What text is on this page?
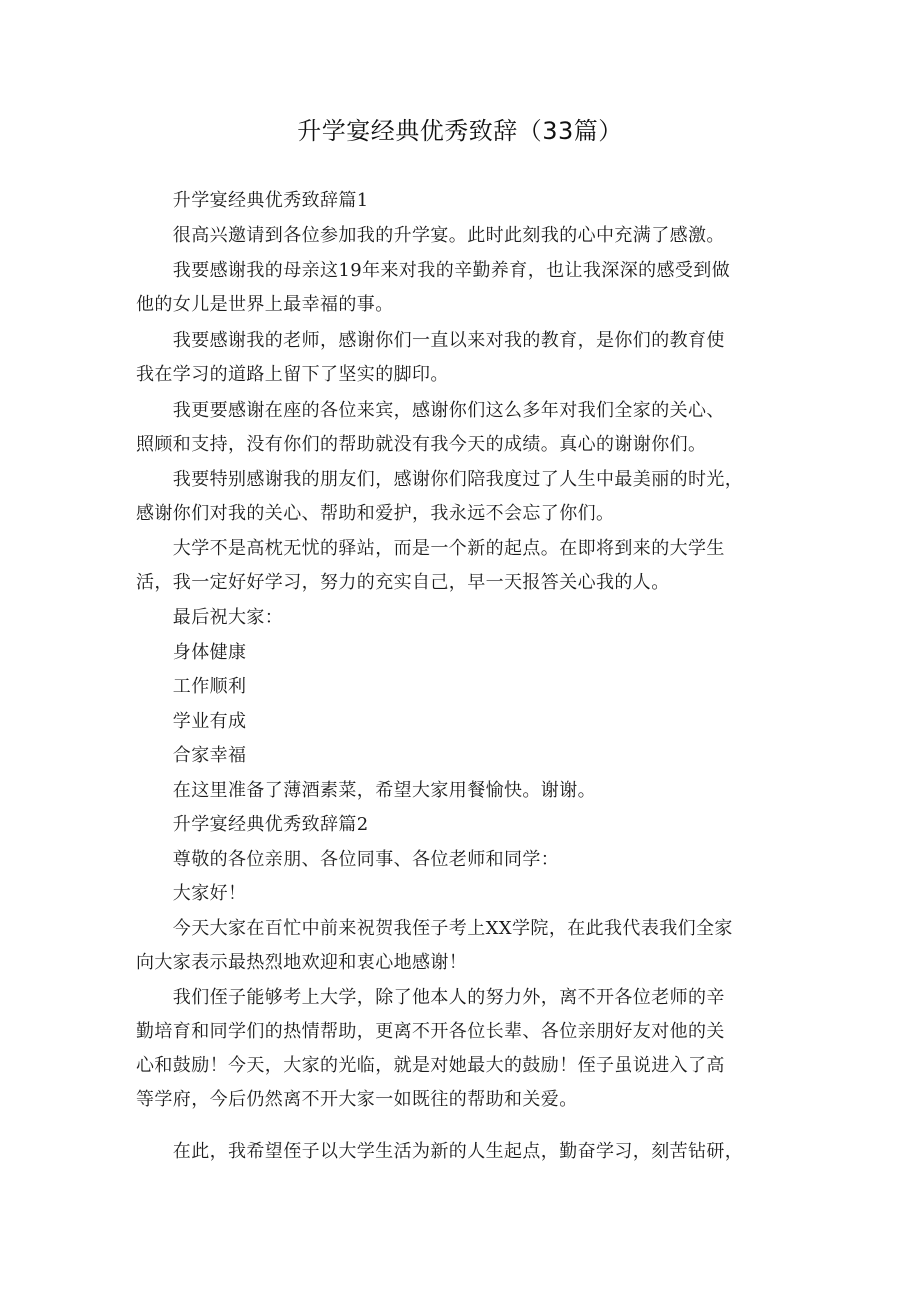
升学宴经典优秀致辞（33篇）

　　升学宴经典优秀致辞篇1

　　很高兴邀请到各位参加我的升学宴。此时此刻我的心中充满了感激。

　　我要感谢我的母亲这19年来对我的辛勤养育，也让我深深的感受到做
他的女儿是世界上最幸福的事。

　　我要感谢我的老师，感谢你们一直以来对我的教育，是你们的教育使
我在学习的道路上留下了坚实的脚印。

　　我更要感谢在座的各位来宾，感谢你们这么多年对我们全家的关心、
照顾和支持，没有你们的帮助就没有我今天的成绩。真心的谢谢你们。

　　我要特别感谢我的朋友们，感谢你们陪我度过了人生中最美丽的时光，
感谢你们对我的关心、帮助和爱护，我永远不会忘了你们。

　　大学不是高枕无忧的驿站，而是一个新的起点。在即将到来的大学生
活，我一定好好学习，努力的充实自己，早一天报答关心我的人。

　　最后祝大家：

　　身体健康

　　工作顺利

　　学业有成

　　合家幸福

　　在这里准备了薄酒素菜，希望大家用餐愉快。谢谢。

　　升学宴经典优秀致辞篇2

　　尊敬的各位亲朋、各位同事、各位老师和同学：

　　大家好！

　　今天大家在百忙中前来祝贺我侄子考上XX学院，在此我代表我们全家
向大家表示最热烈地欢迎和衷心地感谢！

　　我们侄子能够考上大学，除了他本人的努力外，离不开各位老师的辛
勤培育和同学们的热情帮助，更离不开各位长辈、各位亲朋好友对他的关
心和鼓励！今天，大家的光临，就是对她最大的鼓励！侄子虽说进入了高
等学府，今后仍然离不开大家一如既往的帮助和关爱。

　　在此，我希望侄子以大学生活为新的人生起点，勤奋学习，刻苦钻研，
